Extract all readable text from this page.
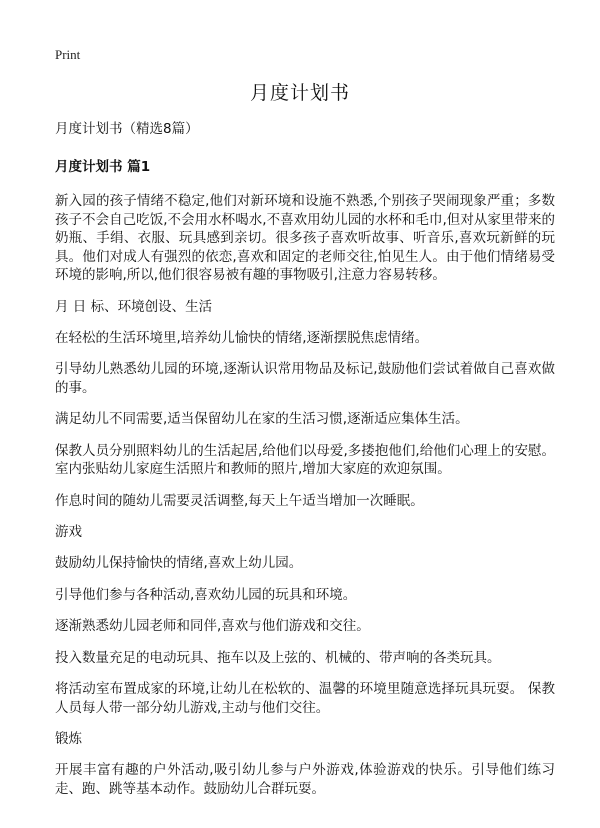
Print
月度计划书

月度计划书（精选8篇）

月度计划书 篇1

新入园的孩子情绪不稳定,他们对新环境和设施不熟悉,个别孩子哭闹现象严重；多数孩子不会自己吃饭,不会用水杯喝水,不喜欢用幼儿园的水杯和毛巾,但对从家里带来的奶瓶、手绢、衣服、玩具感到亲切。很多孩子喜欢听故事、听音乐,喜欢玩新鲜的玩具。他们对成人有强烈的依恋,喜欢和固定的老师交往,怕见生人。由于他们情绪易受环境的影响,所以,他们很容易被有趣的事物吸引,注意力容易转移。

月 日 标、环境创设、生活

在轻松的生活环境里,培养幼儿愉快的情绪,逐渐摆脱焦虑情绪。

引导幼儿熟悉幼儿园的环境,逐渐认识常用物品及标记,鼓励他们尝试着做自己喜欢做的事。

满足幼儿不同需要,适当保留幼儿在家的生活习惯,逐渐适应集体生活。

保教人员分别照料幼儿的生活起居,给他们以母爱,多搂抱他们,给他们心理上的安慰。室内张贴幼儿家庭生活照片和教师的照片,增加大家庭的欢迎氛围。

作息时间的随幼儿需要灵活调整,每天上午适当增加一次睡眠。

游戏

鼓励幼儿保持愉快的情绪,喜欢上幼儿园。

引导他们参与各种活动,喜欢幼儿园的玩具和环境。

逐渐熟悉幼儿园老师和同伴,喜欢与他们游戏和交往。

投入数量充足的电动玩具、拖车以及上弦的、机械的、带声响的各类玩具。

将活动室布置成家的环境,让幼儿在松软的、温馨的环境里随意选择玩具玩耍。 保教人员每人带一部分幼儿游戏,主动与他们交往。

锻炼

开展丰富有趣的户外活动,吸引幼儿参与户外游戏,体验游戏的快乐。引导他们练习走、跑、跳等基本动作。鼓励幼儿合群玩耍。
